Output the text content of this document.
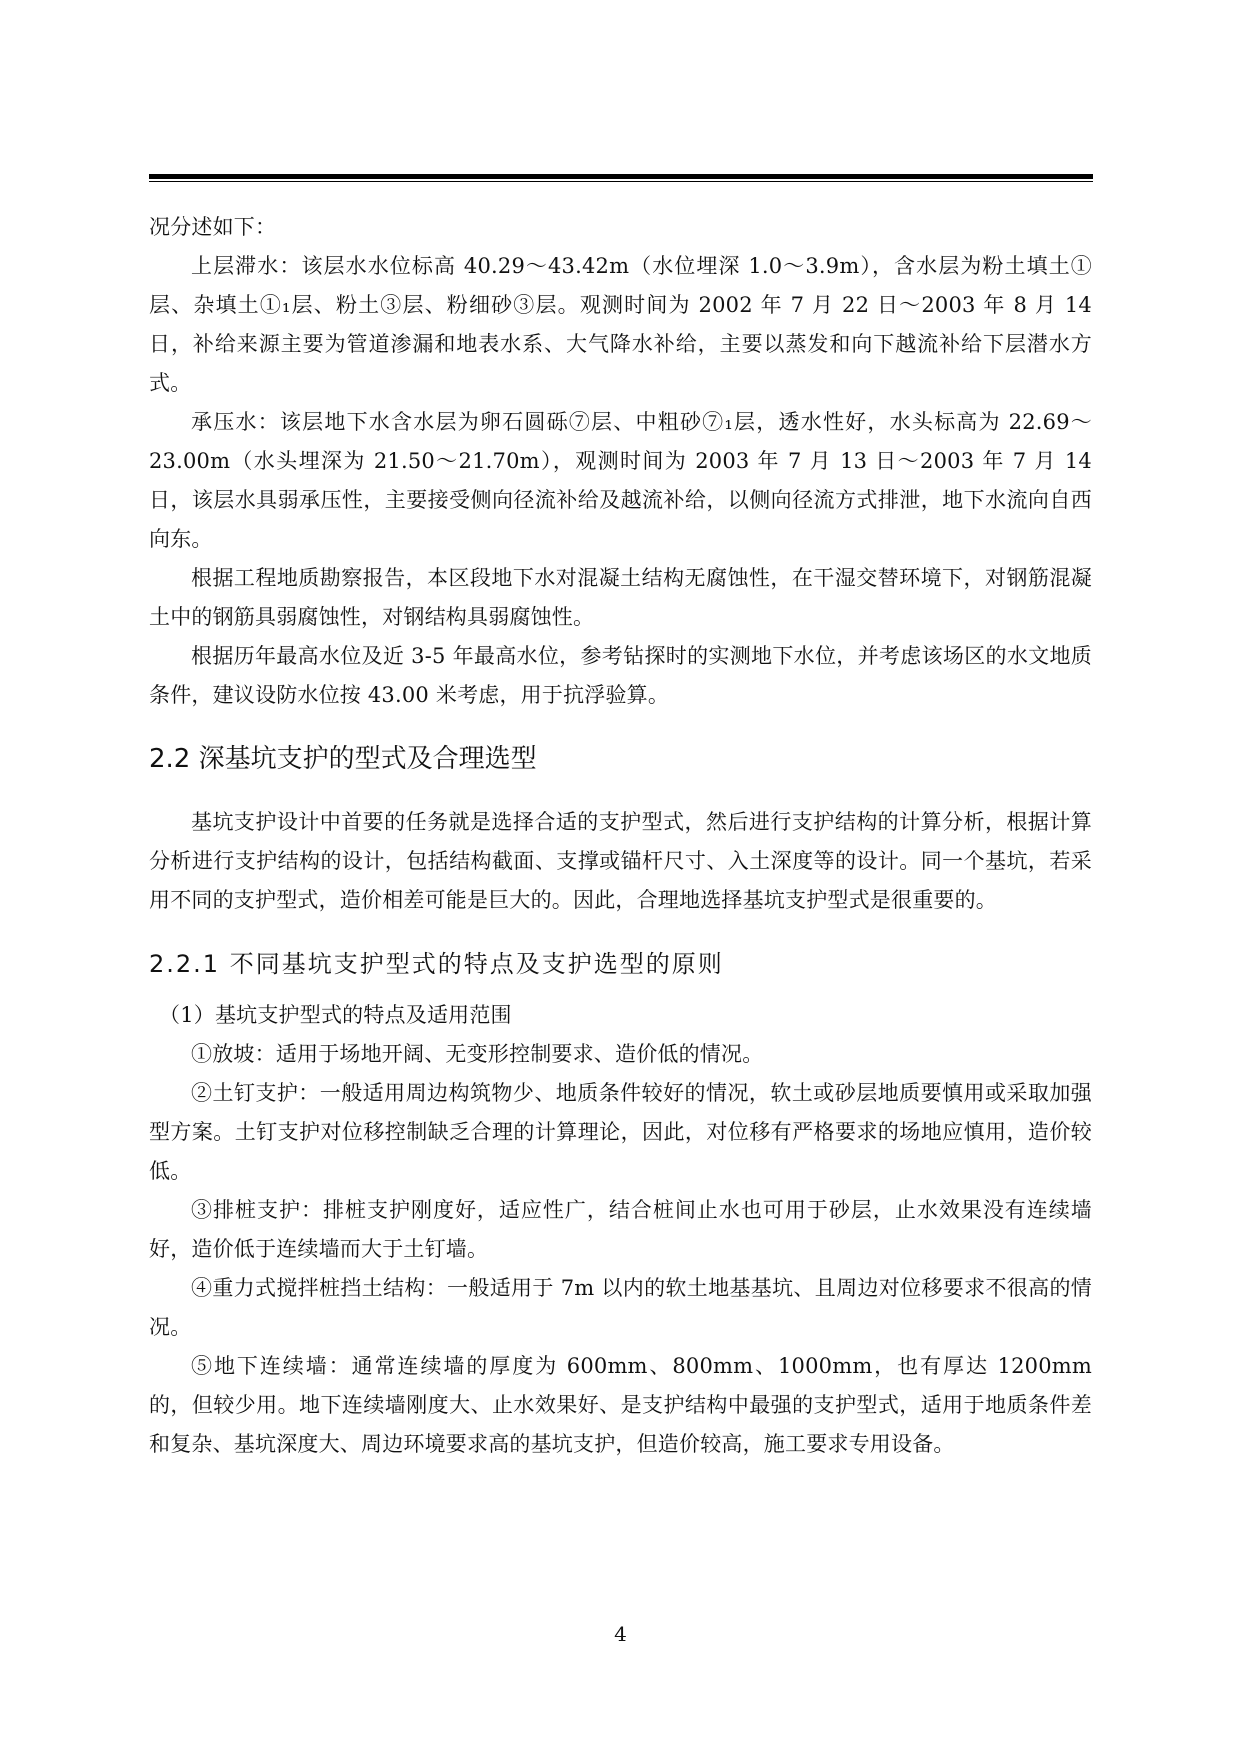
况分述如下：

上层滞水：该层水水位标高 40.29～43.42m（水位埋深 1.0～3.9m），含水层为粉土填土①层、杂填土①₁层、粉土③层、粉细砂③层。观测时间为 2002 年 7 月 22 日～2003 年 8 月 14 日，补给来源主要为管道渗漏和地表水系、大气降水补给，主要以蒸发和向下越流补给下层潜水方式。

承压水：该层地下水含水层为卵石圆砾⑦层、中粗砂⑦₁层，透水性好，水头标高为 22.69～23.00m（水头埋深为 21.50～21.70m），观测时间为 2003 年 7 月 13 日～2003 年 7 月 14 日，该层水具弱承压性，主要接受侧向径流补给及越流补给，以侧向径流方式排泄，地下水流向自西向东。

根据工程地质勘察报告，本区段地下水对混凝土结构无腐蚀性，在干湿交替环境下，对钢筋混凝土中的钢筋具弱腐蚀性，对钢结构具弱腐蚀性。

根据历年最高水位及近 3-5 年最高水位，参考钻探时的实测地下水位，并考虑该场区的水文地质条件，建议设防水位按 43.00 米考虑，用于抗浮验算。

2.2 深基坑支护的型式及合理选型

基坑支护设计中首要的任务就是选择合适的支护型式，然后进行支护结构的计算分析，根据计算分析进行支护结构的设计，包括结构截面、支撑或锚杆尺寸、入土深度等的设计。同一个基坑，若采用不同的支护型式，造价相差可能是巨大的。因此，合理地选择基坑支护型式是很重要的。

2.2.1 不同基坑支护型式的特点及支护选型的原则

（1）基坑支护型式的特点及适用范围

①放坡：适用于场地开阔、无变形控制要求、造价低的情况。

②土钉支护：一般适用周边构筑物少、地质条件较好的情况，软土或砂层地质要慎用或采取加强型方案。土钉支护对位移控制缺乏合理的计算理论，因此，对位移有严格要求的场地应慎用，造价较低。

③排桩支护：排桩支护刚度好，适应性广，结合桩间止水也可用于砂层，止水效果没有连续墙好，造价低于连续墙而大于土钉墙。

④重力式搅拌桩挡土结构：一般适用于 7m 以内的软土地基基坑、且周边对位移要求不很高的情况。

⑤地下连续墙：通常连续墙的厚度为 600mm、800mm、1000mm，也有厚达 1200mm 的，但较少用。地下连续墙刚度大、止水效果好、是支护结构中最强的支护型式，适用于地质条件差和复杂、基坑深度大、周边环境要求高的基坑支护，但造价较高，施工要求专用设备。

4
